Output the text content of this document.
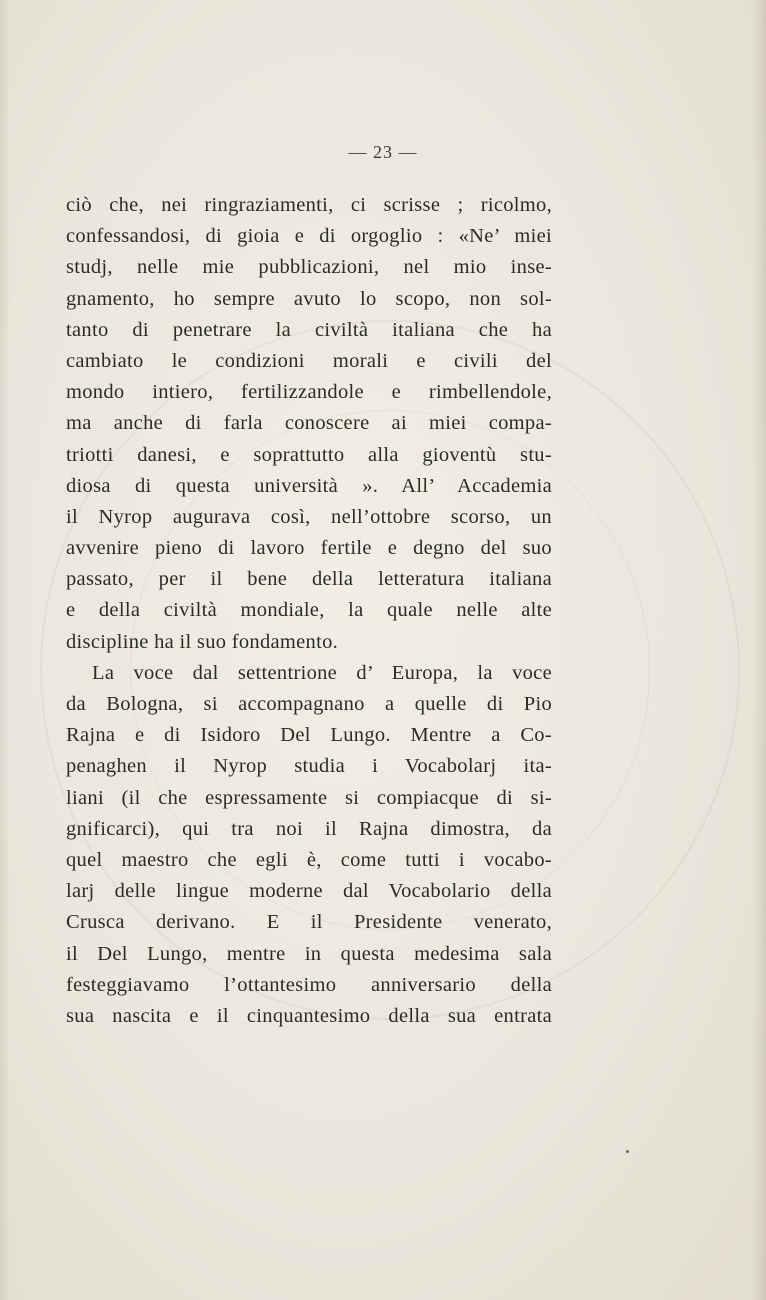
— 23 —
ciò che, nei ringraziamenti, ci scrisse ; ricolmo,
confessandosi, di gioia e di orgoglio : «Ne’ miei
studj, nelle mie pubblicazioni, nel mio inse-
gnamento, ho sempre avuto lo scopo, non sol-
tanto di penetrare la civiltà italiana che ha
cambiato le condizioni morali e civili del
mondo intiero, fertilizzandole e rimbellendole,
ma anche di farla conoscere ai miei compa-
triotti danesi, e soprattutto alla gioventù stu-
diosa di questa università ». All’ Accademia
il Nyrop augurava così, nell’ottobre scorso, un
avvenire pieno di lavoro fertile e degno del suo
passato, per il bene della letteratura italiana
e della civiltà mondiale, la quale nelle alte
discipline ha il suo fondamento.
La voce dal settentrione d’ Europa, la voce
da Bologna, si accompagnano a quelle di Pio
Rajna e di Isidoro Del Lungo. Mentre a Co-
penaghen il Nyrop studia i Vocabolarj ita-
liani (il che espressamente si compiacque di si-
gnificarci), qui tra noi il Rajna dimostra, da
quel maestro che egli è, come tutti i vocabo-
larj delle lingue moderne dal Vocabolario della
Crusca derivano. E il Presidente venerato,
il Del Lungo, mentre in questa medesima sala
festeggiavamo l’ottantesimo anniversario della
sua nascita e il cinquantesimo della sua entrata
